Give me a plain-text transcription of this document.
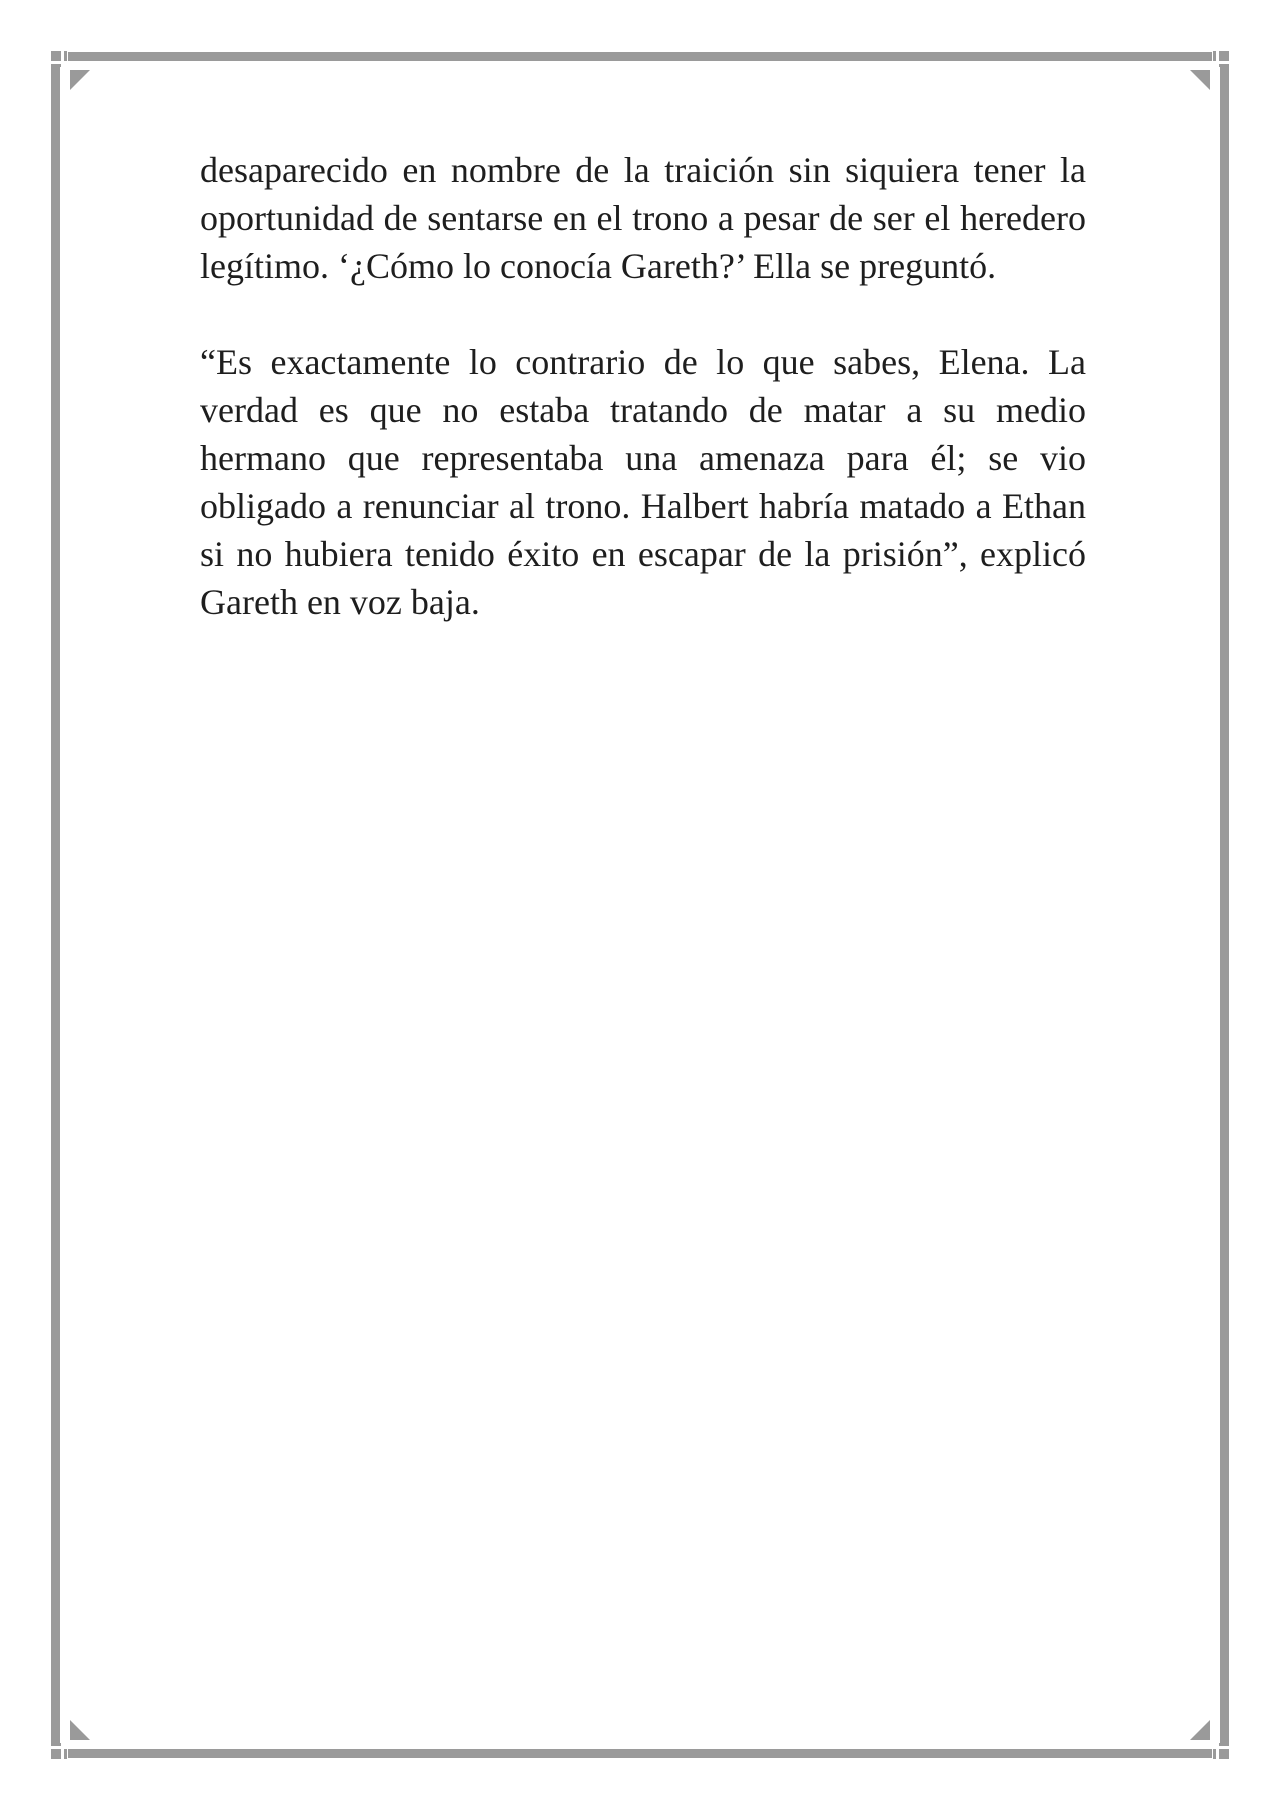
desaparecido en nombre de la traición sin siquiera tener la oportunidad de sentarse en el trono a pesar de ser el heredero legítimo. ‘¿Cómo lo conocía Gareth?’ Ella se preguntó.

“Es exactamente lo contrario de lo que sabes, Elena. La verdad es que no estaba tratando de matar a su medio hermano que representaba una amenaza para él; se vio obligado a renunciar al trono. Halbert habría matado a Ethan si no hubiera tenido éxito en escapar de la prisión”, explicó Gareth en voz baja.
